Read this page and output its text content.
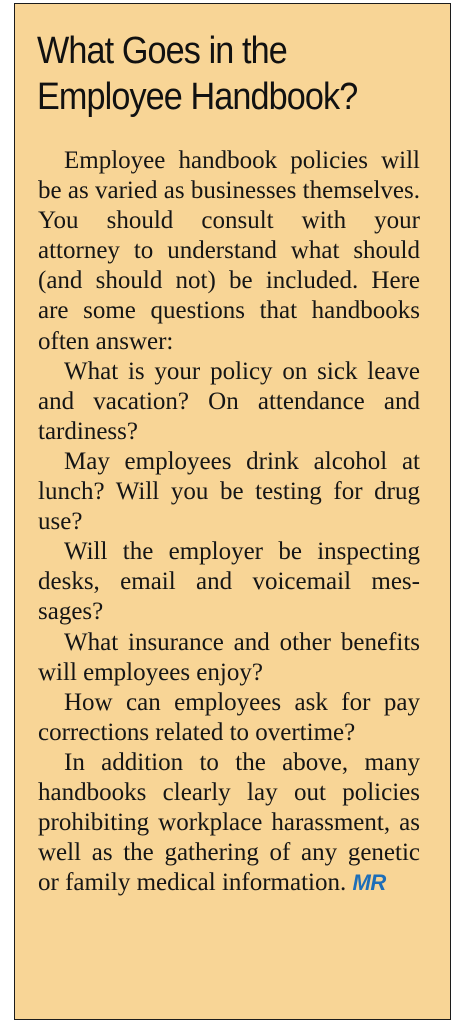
What Goes in the
Employee Handbook?

Employee handbook policies will be as varied as businesses themselves. You should consult with your attorney to understand what should (and should not) be included. Here are some questions that handbooks often answer:

What is your policy on sick leave and vacation? On attendance and tardiness?

May employees drink alcohol at lunch? Will you be testing for drug use?

Will the employer be inspecting desks, email and voicemail messages?

What insurance and other benefits will employees enjoy?

How can employees ask for pay corrections related to overtime?

In addition to the above, many handbooks clearly lay out policies prohibiting workplace harassment, as well as the gathering of any genetic or family medical information. MR
